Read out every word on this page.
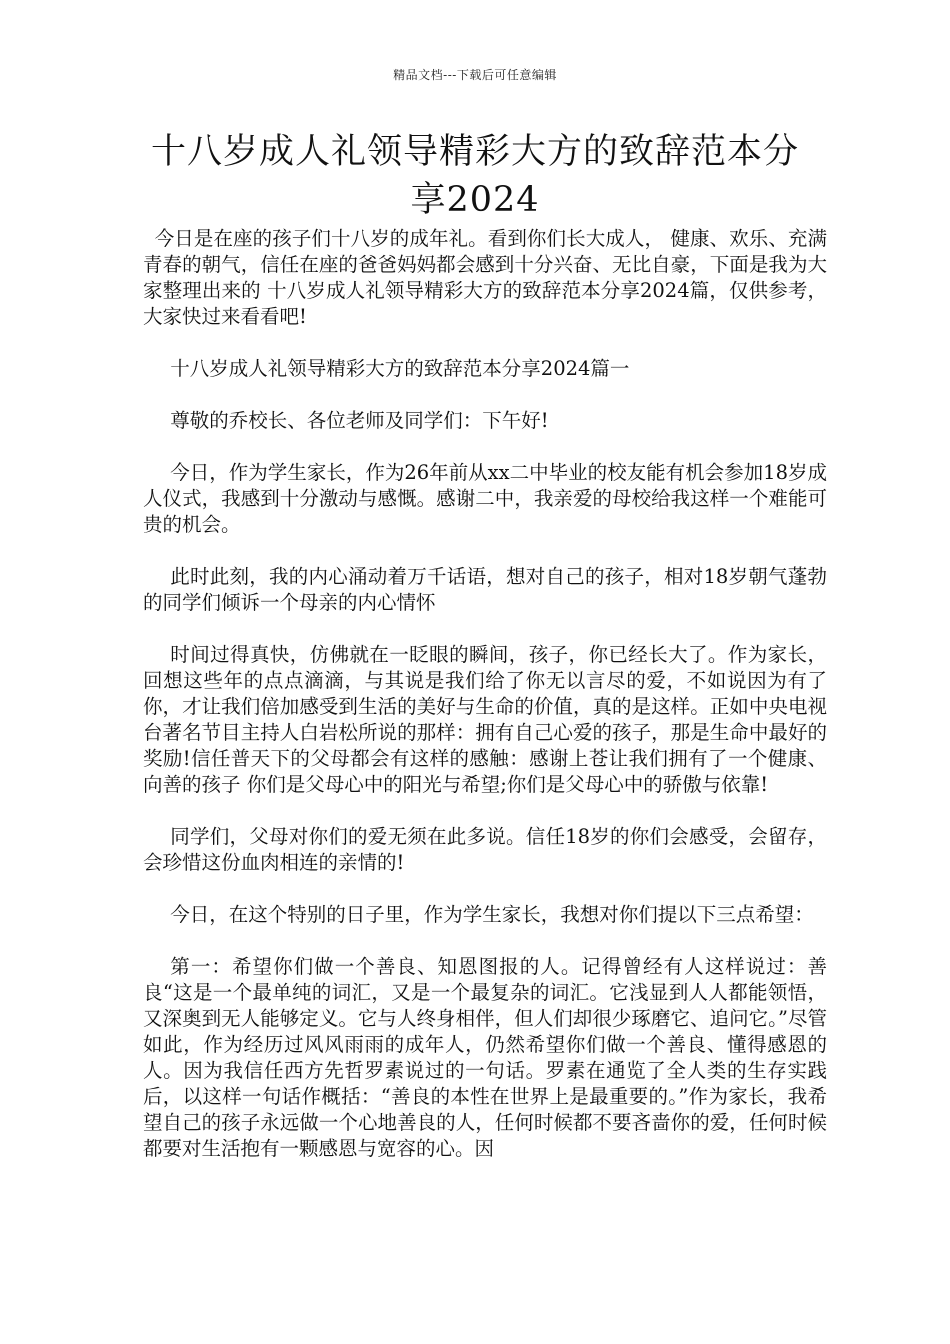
精品文档---下载后可任意编辑
十八岁成人礼领导精彩大方的致辞范本分享2024

今日是在座的孩子们十八岁的成年礼。看到你们长大成人， 健康、欢乐、充满青春的朝气，信任在座的爸爸妈妈都会感到十分兴奋、无比自豪，下面是我为大家整理出来的 十八岁成人礼领导精彩大方的致辞范本分享2024篇，仅供参考，大家快过来看看吧!

十八岁成人礼领导精彩大方的致辞范本分享2024篇一

尊敬的乔校长、各位老师及同学们：下午好!

今日，作为学生家长，作为26年前从xx二中毕业的校友能有机会参加18岁成人仪式，我感到十分激动与感慨。感谢二中，我亲爱的母校给我这样一个难能可贵的机会。

此时此刻，我的内心涌动着万千话语，想对自己的孩子，相对18岁朝气蓬勃的同学们倾诉一个母亲的内心情怀

时间过得真快，仿佛就在一眨眼的瞬间，孩子，你已经长大了。作为家长，回想这些年的点点滴滴，与其说是我们给了你无以言尽的爱，不如说因为有了你，才让我们倍加感受到生活的美好与生命的价值，真的是这样。正如中央电视台著名节目主持人白岩松所说的那样：拥有自己心爱的孩子，那是生命中最好的奖励!信任普天下的父母都会有这样的感触：感谢上苍让我们拥有了一个健康、向善的孩子 你们是父母心中的阳光与希望;你们是父母心中的骄傲与依靠!

同学们，父母对你们的爱无须在此多说。信任18岁的你们会感受，会留存，会珍惜这份血肉相连的亲情的!

今日，在这个特别的日子里，作为学生家长，我想对你们提以下三点希望：

第一：希望你们做一个善良、知恩图报的人。记得曾经有人这样说过：善良“这是一个最单纯的词汇，又是一个最复杂的词汇。它浅显到人人都能领悟，又深奥到无人能够定义。它与人终身相伴，但人们却很少琢磨它、追问它。”尽管如此，作为经历过风风雨雨的成年人，仍然希望你们做一个善良、懂得感恩的人。因为我信任西方先哲罗素说过的一句话。罗素在通览了全人类的生存实践后，以这样一句话作概括：“善良的本性在世界上是最重要的。”作为家长，我希望自己的孩子永远做一个心地善良的人，任何时候都不要吝啬你的爱，任何时候都要对生活抱有一颗感恩与宽容的心。因
